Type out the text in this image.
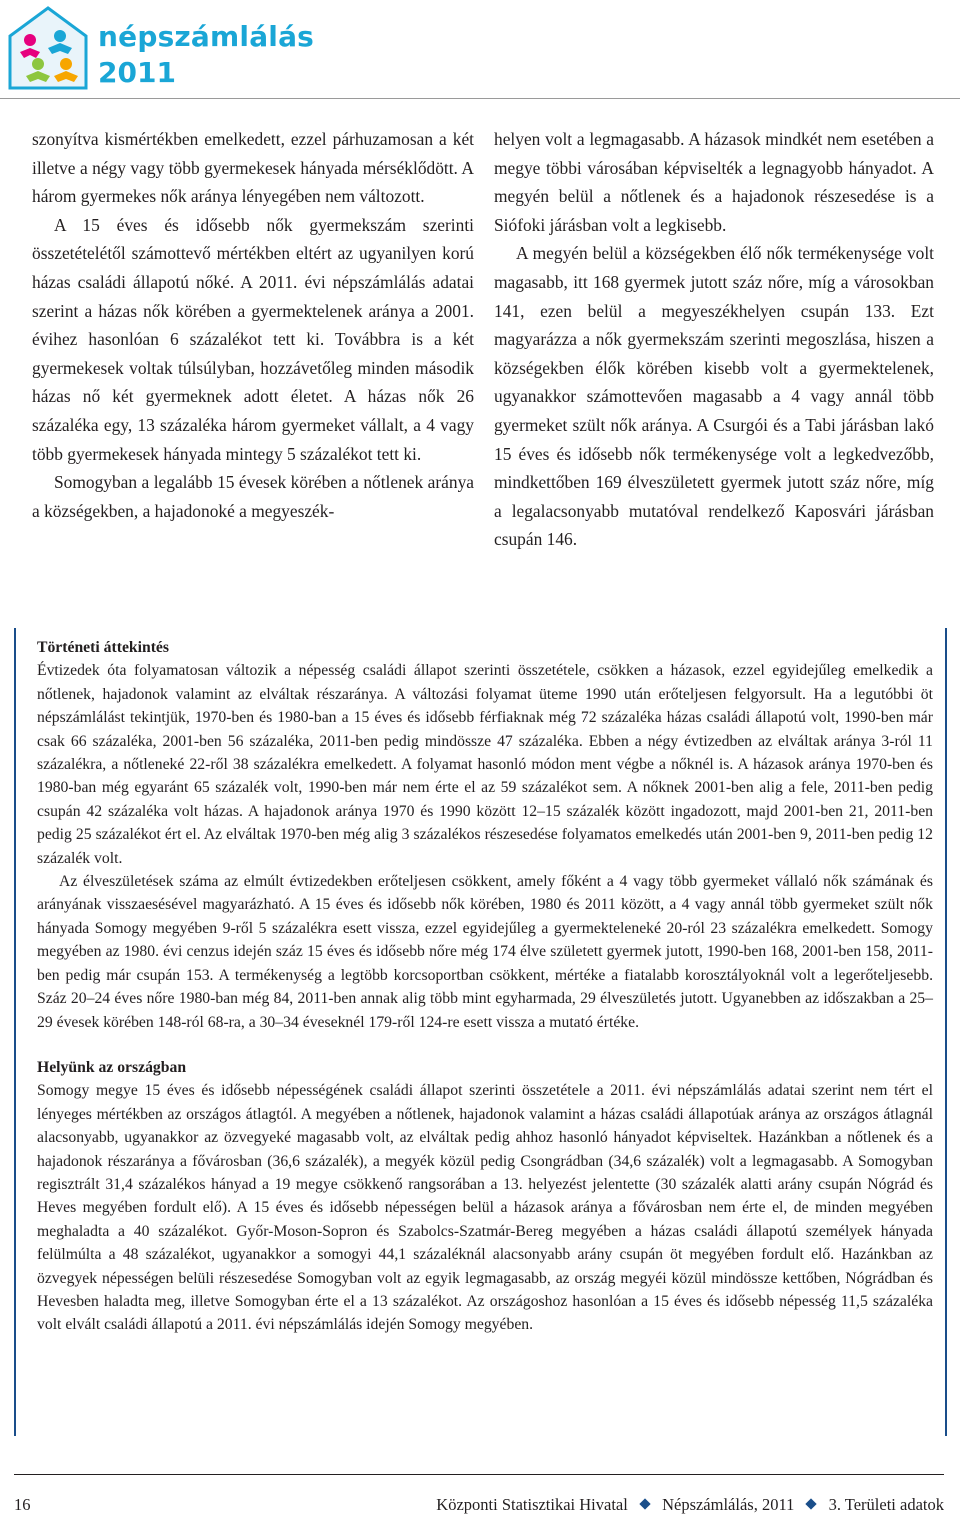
népszámlálás
2011

szonyítva kismértékben emelkedett, ezzel párhuzamosan a két illetve a négy vagy több gyermekesek hányada mérséklődött. A három gyermekes nők aránya lényegében nem változott.

A 15 éves és idősebb nők gyermekszám szerinti összetételétől számottevő mértékben eltért az ugyanilyen korú házas családi állapotú nőké. A 2011. évi népszámlálás adatai szerint a házas nők körében a gyermektelenek aránya a 2001. évihez hasonlóan 6 százalékot tett ki. Továbbra is a két gyermekesek voltak túlsúlyban, hozzávetőleg minden második házas nő két gyermeknek adott életet. A házas nők 26 százaléka egy, 13 százaléka három gyermeket vállalt, a 4 vagy több gyermekesek hányada mintegy 5 százalékot tett ki.

Somogyban a legalább 15 évesek körében a nőtlenek aránya a községekben, a hajadonoké a megyeszék-

helyen volt a legmagasabb. A házasok mindkét nem esetében a megye többi városában képviselték a legnagyobb hányadot. A megyén belül a nőtlenek és a hajadonok részesedése is a Siófoki járásban volt a legkisebb.

A megyén belül a községekben élő nők termékenysége volt magasabb, itt 168 gyermek jutott száz nőre, míg a városokban 141, ezen belül a megyeszékhelyen csupán 133. Ezt magyarázza a nők gyermekszám szerinti megoszlása, hiszen a községekben élők körében kisebb volt a gyermektelenek, ugyanakkor számottevően magasabb a 4 vagy annál több gyermeket szült nők aránya. A Csurgói és a Tabi járásban lakó 15 éves és idősebb nők termékenysége volt a legkedvezőbb, mindkettőben 169 élveszületett gyermek jutott száz nőre, míg a legalacsonyabb mutatóval rendelkező Kaposvári járásban csupán 146.

Történeti áttekintés

Évtizedek óta folyamatosan változik a népesség családi állapot szerinti összetétele, csökken a házasok, ezzel egyidejűleg emelkedik a nőtlenek, hajadonok valamint az elváltak részaránya. A változási folyamat üteme 1990 után erőteljesen felgyorsult. Ha a legutóbbi öt népszámlálást tekintjük, 1970-ben és 1980-ban a 15 éves és idősebb férfiaknak még 72 százaléka házas családi állapotú volt, 1990-ben már csak 66 százaléka, 2001-ben 56 százaléka, 2011-ben pedig mindössze 47 százaléka. Ebben a négy évtizedben az elváltak aránya 3-ról 11 százalékra, a nőtleneké 22-ről 38 százalékra emelkedett. A folyamat hasonló módon ment végbe a nőknél is. A házasok aránya 1970-ben és 1980-ban még egyaránt 65 százalék volt, 1990-ben már nem érte el az 59 százalékot sem. A nőknek 2001-ben alig a fele, 2011-ben pedig csupán 42 százaléka volt házas. A hajadonok aránya 1970 és 1990 között 12–15 százalék között ingadozott, majd 2001-ben 21, 2011-ben pedig 25 százalékot ért el. Az elváltak 1970-ben még alig 3 százalékos részesedése folyamatos emelkedés után 2001-ben 9, 2011-ben pedig 12 százalék volt.

Az élveszületések száma az elmúlt évtizedekben erőteljesen csökkent, amely főként a 4 vagy több gyermeket vállaló nők számának és arányának visszaesésével magyarázható. A 15 éves és idősebb nők körében, 1980 és 2011 között, a 4 vagy annál több gyermeket szült nők hányada Somogy megyében 9-ről 5 százalékra esett vissza, ezzel egyidejűleg a gyermekteleneké 20-ról 23 százalékra emelkedett. Somogy megyében az 1980. évi cenzus idején száz 15 éves és idősebb nőre még 174 élve született gyermek jutott, 1990-ben 168, 2001-ben 158, 2011-ben pedig már csupán 153. A termékenység a legtöbb korcsoportban csökkent, mértéke a fiatalabb korosztályoknál volt a legerőteljesebb. Száz 20–24 éves nőre 1980-ban még 84, 2011-ben annak alig több mint egyharmada, 29 élveszületés jutott. Ugyanebben az időszakban a 25–29 évesek körében 148-ról 68-ra, a 30–34 éveseknél 179-ről 124-re esett vissza a mutató értéke.

Helyünk az országban

Somogy megye 15 éves és idősebb népességének családi állapot szerinti összetétele a 2011. évi népszámlálás adatai szerint nem tért el lényeges mértékben az országos átlagtól. A megyében a nőtlenek, hajadonok valamint a házas családi állapotúak aránya az országos átlagnál alacsonyabb, ugyanakkor az özvegyeké magasabb volt, az elváltak pedig ahhoz hasonló hányadot képviseltek. Hazánkban a nőtlenek és a hajadonok részaránya a fővárosban (36,6 százalék), a megyék közül pedig Csongrádban (34,6 százalék) volt a legmagasabb. A Somogyban regisztrált 31,4 százalékos hányad a 19 megye csökkenő rangsorában a 13. helyezést jelentette (30 százalék alatti arány csupán Nógrád és Heves megyében fordult elő). A 15 éves és idősebb népességen belül a házasok aránya a fővárosban nem érte el, de minden megyében meghaladta a 40 százalékot. Győr-Moson-Sopron és Szabolcs-Szatmár-Bereg megyében a házas családi állapotú személyek hányada felülmúlta a 48 százalékot, ugyanakkor a somogyi 44,1 százaléknál alacsonyabb arány csupán öt megyében fordult elő. Hazánkban az özvegyek népességen belüli részesedése Somogyban volt az egyik legmagasabb, az ország megyéi közül mindössze kettőben, Nógrádban és Hevesben haladta meg, illetve Somogyban érte el a 13 százalékot. Az országoshoz hasonlóan a 15 éves és idősebb népesség 11,5 százaléka volt elvált családi állapotú a 2011. évi népszámlálás idején Somogy megyében.

16	Központi Statisztikai Hivatal Népszámlálás, 2011 3. Területi adatok
